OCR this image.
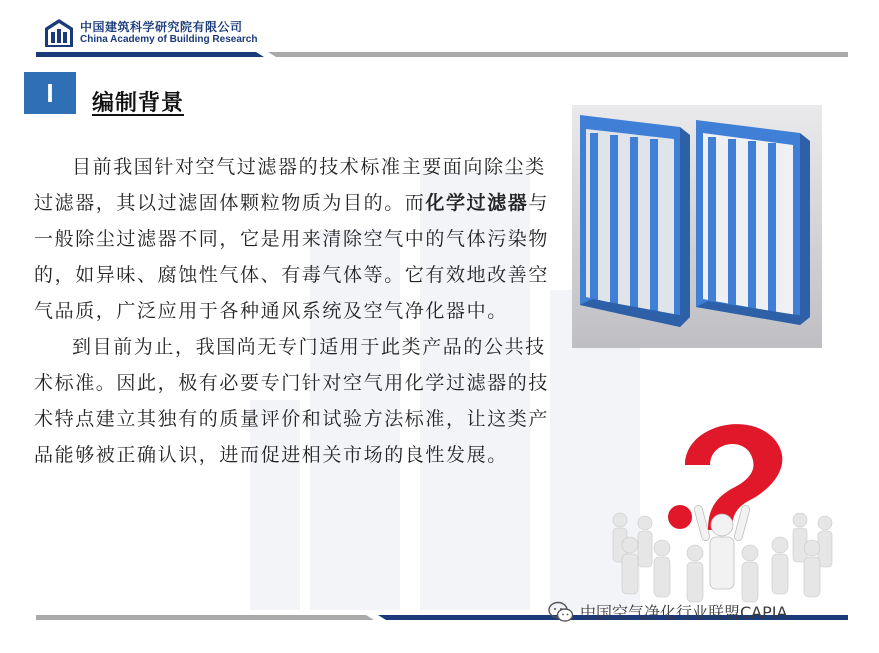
中国建筑科学研究院有限公司
China Academy of Building Research
I	编制背景

目前我国针对空气过滤器的技术标准主要面向除尘类过滤器，其以过滤固体颗粒物质为目的。而化学过滤器与一般除尘过滤器不同，它是用来清除空气中的气体污染物的，如异味、腐蚀性气体、有毒气体等。它有效地改善空气品质，广泛应用于各种通风系统及空气净化器中。

到目前为止，我国尚无专门适用于此类产品的公共技术标准。因此，极有必要专门针对空气用化学过滤器的技术特点建立其独有的质量评价和试验方法标准，让这类产品能够被正确认识，进而促进相关市场的良性发展。

中国空气净化行业联盟CAPIA
